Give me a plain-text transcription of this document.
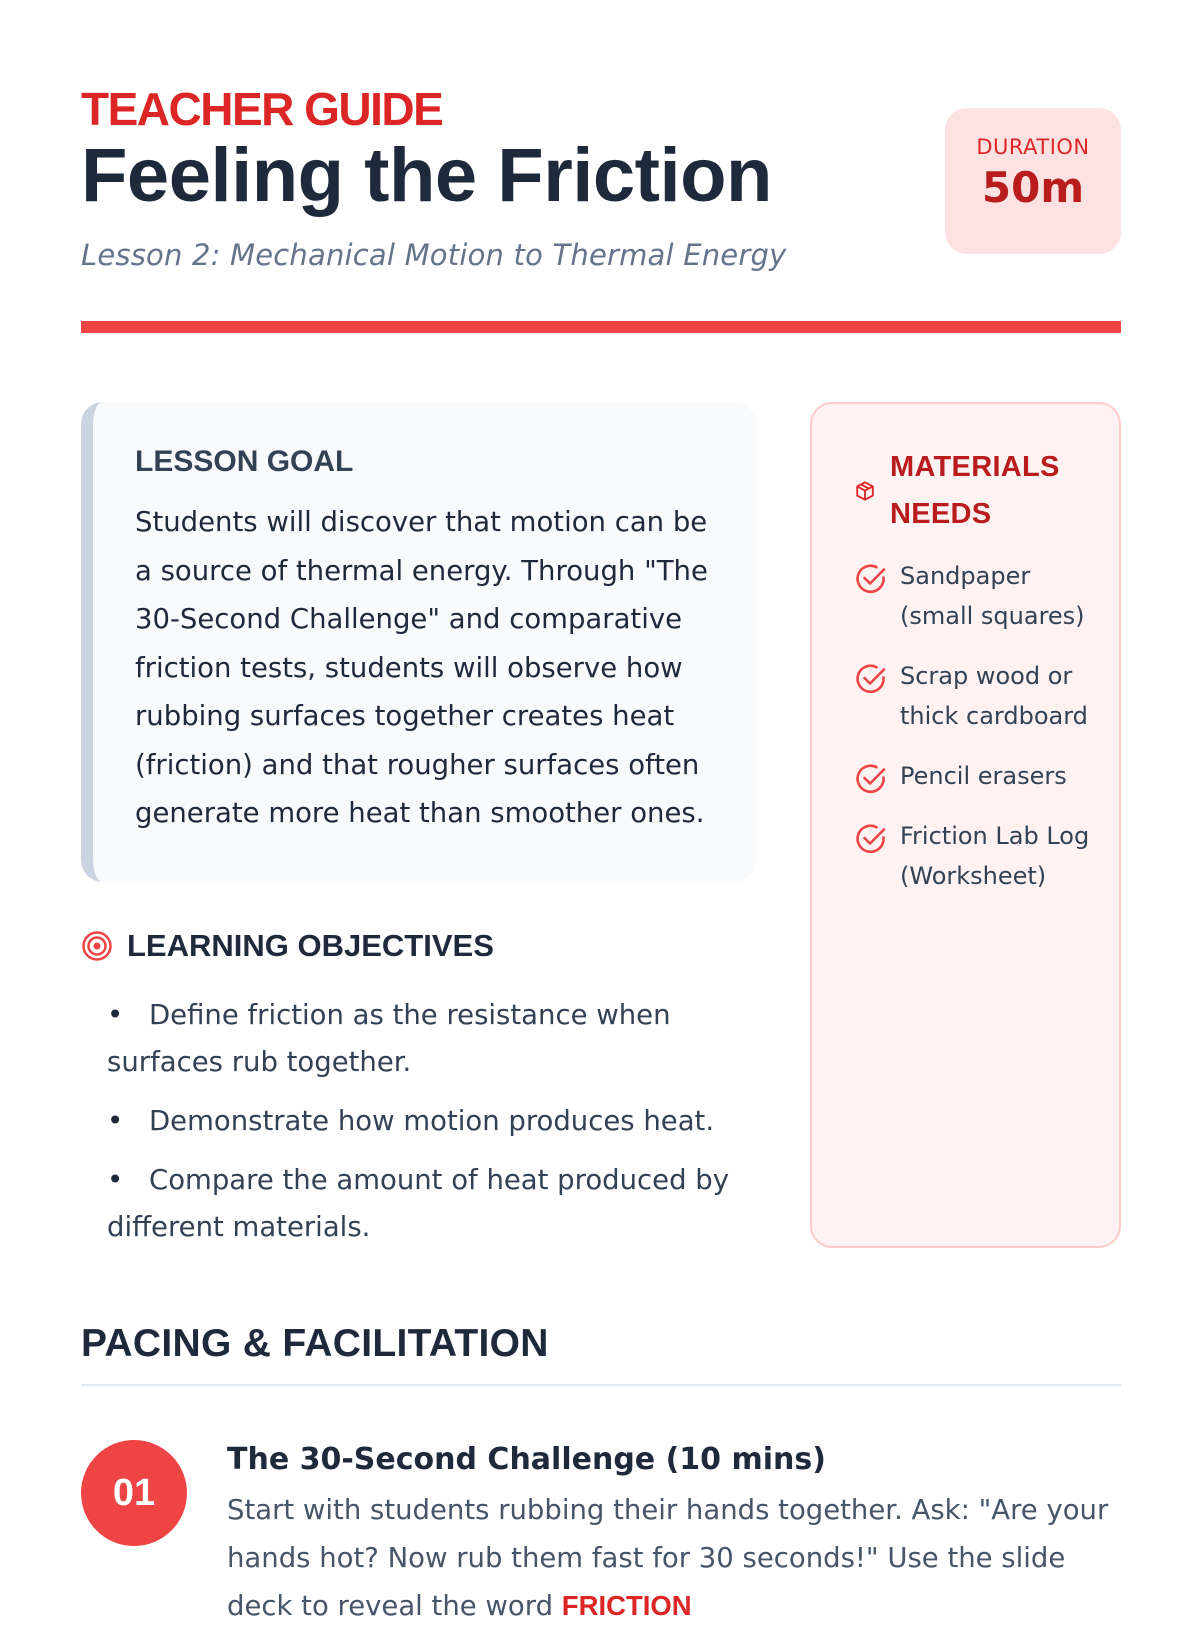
TEACHER GUIDE
Feeling the Friction
Lesson 2: Mechanical Motion to Thermal Energy
DURATION
50m
LESSON GOAL

Students will discover that motion can be a source of thermal energy. Through "The 30-Second Challenge" and comparative friction tests, students will observe how rubbing surfaces together creates heat (friction) and that rougher surfaces often generate more heat than smoother ones.

LEARNING OBJECTIVES
• Define friction as the resistance when surfaces rub together.
• Demonstrate how motion produces heat.
• Compare the amount of heat produced by different materials.
MATERIALS NEEDS
Sandpaper (small squares)
Scrap wood or thick cardboard
Pencil erasers
Friction Lab Log (Worksheet)
PACING & FACILITATION
01
The 30-Second Challenge (10 mins)

Start with students rubbing their hands together. Ask: "Are your hands hot? Now rub them fast for 30 seconds!" Use the slide deck to reveal the word FRICTION
